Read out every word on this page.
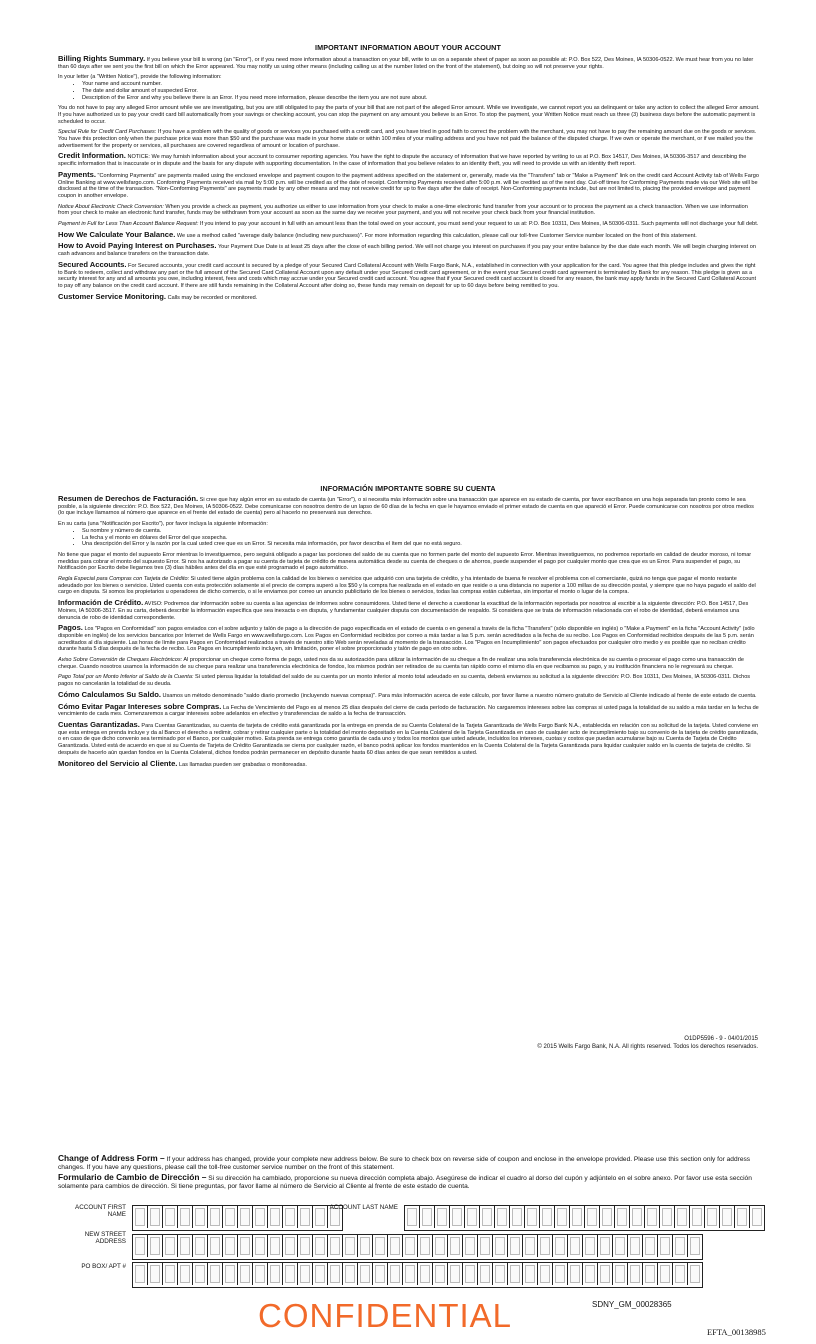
IMPORTANT INFORMATION ABOUT YOUR ACCOUNT

Billing Rights Summary. If you believe your bill is wrong (an "Error"), or if you need more information about a transaction on your bill, write to us on a separate sheet of paper as soon as possible at: P.O. Box 522, Des Moines, IA 50306-0522. We must hear from you no later than 60 days after we sent you the first bill on which the Error appeared. You may notify us using other means (including calling us at the number listed on the front of the statement), but doing so will not preserve your rights.

In your letter (a "Written Notice"), provide the following information:
• Your name and account number.
• The date and dollar amount of suspected Error.
• Description of the Error and why you believe there is an Error. If you need more information, please describe the item you are not sure about.

You do not have to pay any alleged Error amount while we are investigating, but you are still obligated to pay the parts of your bill that are not part of the alleged Error amount. While we investigate, we cannot report you as delinquent or take any action to collect the alleged Error amount. If you have authorized us to pay your credit card bill automatically from your savings or checking account, you can stop the payment on any amount you believe is an Error. To stop the payment, your Written Notice must reach us three (3) business days before the automatic payment is scheduled to occur.

Special Rule for Credit Card Purchases: If you have a problem with the quality of goods or services you purchased with a credit card, and you have tried in good faith to correct the problem with the merchant, you may not have to pay the remaining amount due on the goods or services. You have this protection only when the purchase price was more than $50 and the purchase was made in your home state or within 100 miles of your mailing address and you have not paid the balance of the disputed charge. If we own or operate the merchant, or if we mailed you the advertisement for the property or services, all purchases are covered regardless of amount or location of purchase.

Credit Information. NOTICE: We may furnish information about your account to consumer reporting agencies. You have the right to dispute the accuracy of information that we have reported by writing to us at P.O. Box 14517, Des Moines, IA 50306-3517 and describing the specific information that is inaccurate or in dispute and the basis for any dispute with supporting documentation. In the case of information that you believe relates to an identity theft, you will need to provide us with an identity theft report.

Payments. "Conforming Payments" are payments mailed using the enclosed envelope and payment coupon to the payment address specified on the statement or, generally, made via the "Transfers" tab or "Make a Payment" link on the credit card Account Activity tab of Wells Fargo Online Banking at www.wellsfargo.com. Conforming Payments received via mail by 5:00 p.m. will be credited as of the date of receipt. Conforming Payments received after 5:00 p.m. will be credited as of the next day. Cut-off times for Conforming Payments made via our Web site will be disclosed at the time of the transaction. "Non-Conforming Payments" are payments made by any other means and may not receive credit for up to five days after the date of receipt. Non-Conforming payments include, but are not limited to, placing the provided envelope and payment coupon in another envelope.

Notice About Electronic Check Conversion: When you provide a check as payment, you authorize us either to use information from your check to make a one-time electronic fund transfer from your account or to process the payment as a check transaction. When we use information from your check to make an electronic fund transfer, funds may be withdrawn from your account as soon as the same day we receive your payment, and you will not receive your check back from your financial institution.

Payment in Full for Less Than Account Balance Request: If you intend to pay your account in full with an amount less than the total owed on your account, you must send your request to us at: P.O. Box 10311, Des Moines, IA 50306-0311. Such payments will not discharge your full debt.

How We Calculate Your Balance. We use a method called "average daily balance (including new purchases)". For more information regarding this calculation, please call our toll-free Customer Service number located on the front of this statement.

How to Avoid Paying Interest on Purchases. Your Payment Due Date is at least 25 days after the close of each billing period. We will not charge you interest on purchases if you pay your entire balance by the due date each month. We will begin charging interest on cash advances and balance transfers on the transaction date.

Secured Accounts. For Secured accounts, your credit card account is secured by a pledge of your Secured Card Collateral Account with Wells Fargo Bank, N.A., established in connection with your application for the card. You agree that this pledge includes and gives the right to Bank to redeem, collect and withdraw any part or the full amount of the Secured Card Collateral Account upon any default under your Secured credit card agreement, or in the event your Secured credit card agreement is terminated by Bank for any reason. This pledge is given as a security interest for any and all amounts you owe, including interest, fees and costs which may accrue under your Secured credit card account. You agree that if your Secured credit card account is closed for any reason, the bank may apply funds in the Secured Card Collateral Account to pay off any balance on the credit card account. If there are still funds remaining in the Collateral Account after doing so, these funds may remain on deposit for up to 60 days before being remitted to you.

Customer Service Monitoring. Calls may be recorded or monitored.

INFORMACIÓN IMPORTANTE SOBRE SU CUENTA

Resumen de Derechos de Facturación. Si cree que hay algún error en su estado de cuenta (un "Error"), o si necesita más información sobre una transacción que aparece en su estado de cuenta, por favor escríbanos en una hoja separada tan pronto como le sea posible, a la siguiente dirección: P.O. Box 522, Des Moines, IA 50306-0522. Debe comunicarse con nosotros dentro de un lapso de 60 días de la fecha en que le hayamos enviado el primer estado de cuenta en que apareció el Error. Puede comunicarse con nosotros por otros medios (lo que incluye llamarnos al número que aparece en el frente del estado de cuenta) pero al hacerlo no preservará sus derechos.

En su carta (una "Notificación por Escrito"), por favor incluya la siguiente información:
• Su nombre y número de cuenta.
• La fecha y el monto en dólares del Error del que sospecha.
• Una descripción del Error y la razón por la cual usted cree que es un Error. Si necesita más información, por favor describa el ítem del que no está seguro.

No tiene que pagar el monto del supuesto Error mientras lo investiguemos, pero seguirá obligado a pagar las porciones del saldo de su cuenta que no formen parte del monto del supuesto Error. Mientras investiguemos, no podremos reportarlo en calidad de deudor moroso, ni tomar medidas para cobrar el monto del supuesto Error. Si nos ha autorizado a pagar su cuenta de tarjeta de crédito de manera automática desde su cuenta de cheques o de ahorros, puede suspender el pago por cualquier monto que crea que es un Error. Para suspender el pago, su Notificación por Escrito debe llegarnos tres (3) días hábiles antes del día en que esté programado el pago automático.

Regla Especial para Compras con Tarjeta de Crédito: Si usted tiene algún problema con la calidad de los bienes o servicios que adquirió con una tarjeta de crédito, y ha intentado de buena fe resolver el problema con el comerciante, quizá no tenga que pagar el monto restante adeudado por los bienes o servicios. Usted cuenta con esta protección solamente si el precio de compra superó a los $50 y la compra fue realizada en el estado en que reside o a una distancia no superior a 100 millas de su dirección postal, y siempre que no haya pagado el saldo del cargo en disputa. Si somos los propietarios u operadores de dicho comercio, o si le enviamos por correo un anuncio publicitario de los bienes o servicios, todas las compras están cubiertas, sin importar el monto o lugar de la compra.

Información de Crédito. AVISO: Podremos dar información sobre su cuenta a las agencias de informes sobre consumidores. Usted tiene el derecho a cuestionar la exactitud de la información reportada por nosotros al escribir a la siguiente dirección: P.O. Box 14517, Des Moines, IA 50306-3517. En su carta, deberá describir la información específica que sea inexacta o en disputa, y fundamentar cualquier disputa con documentación de respaldo. Si considera que se trata de información relacionada con el robo de identidad, deberá enviarnos una denuncia de robo de identidad correspondiente.

Pagos. Los "Pagos en Conformidad" son pagos enviados con el sobre adjunto y talón de pago a la dirección de pago especificada en el estado de cuenta o en general a través de la ficha "Transfers" (sólo disponible en inglés) o "Make a Payment" en la ficha "Account Activity" (sólo disponible en inglés) de los servicios bancarios por Internet de Wells Fargo en www.wellsfargo.com. Los Pagos en Conformidad recibidos por correo a más tardar a las 5 p.m. serán acreditados a la fecha de su recibo. Los Pagos en Conformidad recibidos después de las 5 p.m. serán acreditados al día siguiente. Las horas de límite para Pagos en Conformidad realizados a través de nuestro sitio Web serán reveladas al momento de la transacción. Los "Pagos en Incumplimiento" son pagos efectuados por cualquier otro medio y es posible que no reciban crédito durante hasta 5 días después de la fecha de recibo. Los Pagos en Incumplimiento incluyen, sin limitación, poner el sobre proporcionado y talón de pago en otro sobre.

Aviso Sobre Conversión de Cheques Electrónicos: Al proporcionar un cheque como forma de pago, usted nos da su autorización para utilizar la información de su cheque a fin de realizar una sola transferencia electrónica de su cuenta o procesar el pago como una transacción de cheque. Cuando nosotros usamos la información de su cheque para realizar una transferencia electrónica de fondos, los mismos podrán ser retirados de su cuenta tan rápido como el mismo día en que recibamos su pago, y su institución financiera no le regresará su cheque.

Pago Total por un Monto Inferior al Saldo de la Cuenta: Si usted piensa liquidar la totalidad del saldo de su cuenta por un monto inferior al monto total adeudado en su cuenta, deberá enviarnos su solicitud a la siguiente dirección: P.O. Box 10311, Des Moines, IA 50306-0311. Dichos pagos no cancelarán la totalidad de su deuda.

Cómo Calculamos Su Saldo. Usamos un método denominado "saldo diario promedio (incluyendo nuevas compras)". Para más información acerca de este cálculo, por favor llame a nuestro número gratuito de Servicio al Cliente indicado al frente de este estado de cuenta.

Cómo Evitar Pagar Intereses sobre Compras. La Fecha de Vencimiento del Pago es al menos 25 días después del cierre de cada período de facturación. No cargaremos intereses sobre las compras si usted paga la totalidad de su saldo a más tardar en la fecha de vencimiento de cada mes. Comenzaremos a cargar intereses sobre adelantos en efectivo y transferencias de saldo a la fecha de transacción.

Cuentas Garantizadas. Para Cuentas Garantizadas, su cuenta de tarjeta de crédito está garantizada por la entrega en prenda de su Cuenta Colateral de la Tarjeta Garantizada de Wells Fargo Bank N.A., establecida en relación con su solicitud de la tarjeta. Usted conviene en que esta entrega en prenda incluye y da al Banco el derecho a redimir, cobrar y retirar cualquier parte o la totalidad del monto depositado en la Cuenta Colateral de la Tarjeta Garantizada en caso de cualquier acto de incumplimiento bajo su convenio de la tarjeta de crédito garantizada, o en caso de que dicho convenio sea terminado por el Banco, por cualquier motivo. Esta prenda se entrega como garantía de cada uno y todos los montos que usted adeude, incluidos los intereses, cuotas y costos que puedan acumularse bajo su Cuenta de Tarjeta de Crédito Garantizada. Usted está de acuerdo en que si su Cuenta de Tarjeta de Crédito Garantizada se cierra por cualquier razón, el banco podrá aplicar los fondos mantenidos en la Cuenta Colateral de la Tarjeta Garantizada para liquidar cualquier saldo en la cuenta de tarjeta de crédito. Si después de hacerlo aún quedan fondos en la Cuenta Colateral, dichos fondos podrán permanecer en depósito durante hasta 60 días antes de que sean remitidos a usted.

Monitoreo del Servicio al Cliente. Las llamadas pueden ser grabadas o monitoreadas.

O1DP5596 - 9 - 04/01/2015
© 2015 Wells Fargo Bank, N.A. All rights reserved. Todos los derechos reservados.
Change of Address Form – If your address has changed, provide your complete new address below. Be sure to check box on reverse side of coupon and enclose in the envelope provided. Please use this section only for address changes. If you have any questions, please call the toll-free customer service number on the front of this statement.
Formulario de Cambio de Dirección – Si su dirección ha cambiado, proporcione su nueva dirección completa abajo. Asegúrese de indicar el cuadro al dorso del cupón y adjúntelo en el sobre anexo. Por favor use esta sección solamente para cambios de dirección. Si tiene preguntas, por favor llame al número de Servicio al Cliente al frente de este estado de cuenta.
ACCOUNT FIRST NAME
ACCOUNT LAST NAME
NEW STREET ADDRESS
PO BOX/ APT #
CONFIDENTIAL	SDNY_GM_00028365
EFTA_00138985
